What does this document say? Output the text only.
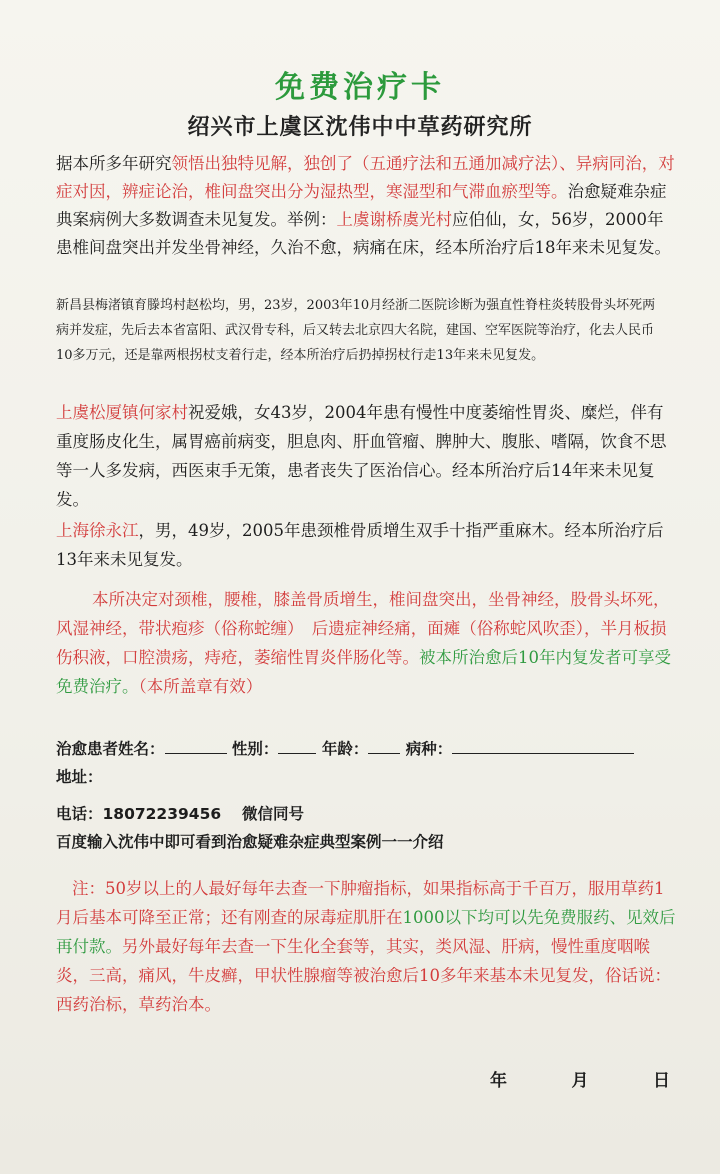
免费治疗卡
绍兴市上虞区沈伟中中草药研究所
据本所多年研究领悟出独特见解，独创了（五通疗法和五通加减疗法）、异病同治，对症对因，辨症论治，椎间盘突出分为湿热型，寒湿型和气滞血瘀型等。治愈疑难杂症典案病例大多数调查未见复发。举例：上虞谢桥虞光村应伯仙，女，56岁，2000年患椎间盘突出并发坐骨神经，久治不愈，病痛在床，经本所治疗后18年来未见复发。
新昌县梅渚镇育滕坞村赵松均，男，23岁，2003年10月经浙二医院诊断为强直性脊柱炎转股骨头坏死两病并发症，先后去本省富阳、武汉骨专科，后又转去北京四大名院，建国、空军医院等治疗，化去人民币10多万元，还是靠两根拐杖支着行走，经本所治疗后扔掉拐杖行走13年来未见复发。
上虞松厦镇何家村祝爱娥，女43岁，2004年患有慢性中度萎缩性胃炎、糜烂，伴有重度肠皮化生，属胃癌前病变，胆息肉、肝血管瘤、脾肿大、腹胀、嗜隔，饮食不思等一人多发病，西医束手无策，患者丧失了医治信心。经本所治疗后14年来未见复发。
上海徐永江，男，49岁，2005年患颈椎骨质增生双手十指严重麻木。经本所治疗后13年来未见复发。
本所决定对颈椎，腰椎，膝盖骨质增生，椎间盘突出，坐骨神经，股骨头坏死，风湿神经，带状疱疹（俗称蛇缠）　后遗症神经痛，面瘫（俗称蛇风吹歪），半月板损伤积液，口腔溃疡，痔疮，萎缩性胃炎伴肠化等。被本所治愈后10年内复发者可享受免费治疗。（本所盖章有效）
治愈患者姓名：	性别：	年龄： 病种：
地址：
电话：18072239456　 微信同号
百度输入沈伟中即可看到治愈疑难杂症典型案例一一介绍
注：50岁以上的人最好每年去查一下肿瘤指标，如果指标高于千百万，服用草药1月后基本可降至正常；还有刚查的尿毒症肌肝在1000以下均可以先免费服药、见效后再付款。另外最好每年去查一下生化全套等，其实，类风湿、肝病，慢性重度咽喉炎，三高，痛风，牛皮癣，甲状性腺瘤等被治愈后10多年来基本未见复发，俗话说：西药治标，草药治本。
年	月	日
